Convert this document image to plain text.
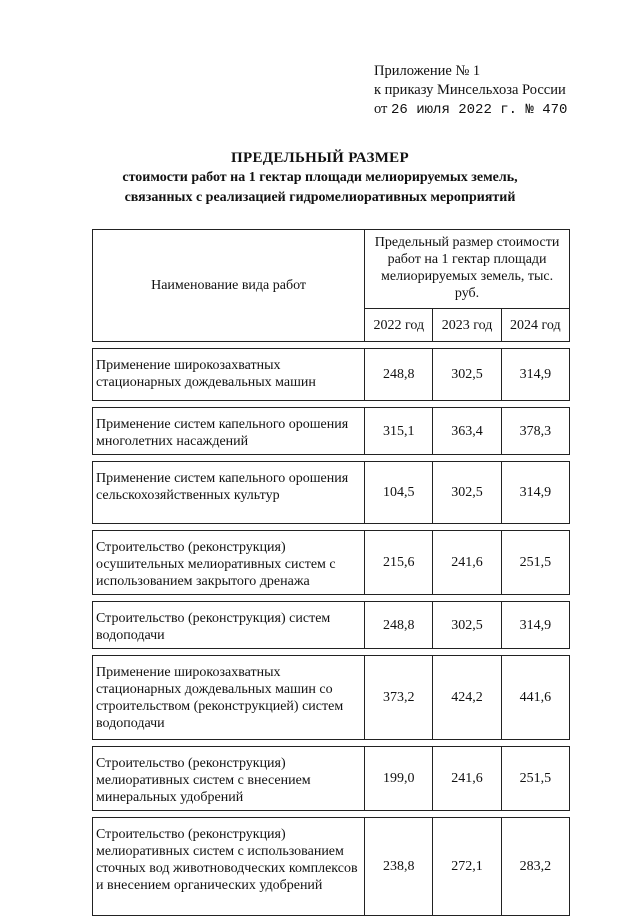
Приложение № 1
к приказу Минсельхоза России
от 26 июля 2022 г. № 470
ПРЕДЕЛЬНЫЙ РАЗМЕР
стоимости работ на 1 гектар площади мелиорируемых земель,
связанных с реализацией гидромелиоративных мероприятий
Наименование вида работ	Предельный размер стоимости работ на 1 гектар площади мелиорируемых земель, тыс. руб.		
	2022 год	2023 год	2024 год

Применение широкозахватных стационарных дождевальных машин	248,8	302,5	314,9

Применение систем капельного орошения многолетних насаждений	315,1	363,4	378,3

Применение систем капельного орошения сельскохозяйственных культур	104,5	302,5	314,9

Строительство (реконструкция) осушительных мелиоративных систем с использованием закрытого дренажа	215,6	241,6	251,5

Строительство (реконструкция) систем водоподачи	248,8	302,5	314,9

Применение широкозахватных стационарных дождевальных машин со строительством (реконструкцией) систем водоподачи	373,2	424,2	441,6

Строительство (реконструкция) мелиоративных систем с внесением минеральных удобрений	199,0	241,6	251,5

Строительство (реконструкция) мелиоративных систем с использованием сточных вод животноводческих комплексов и внесением органических удобрений	238,8	272,1	283,2
